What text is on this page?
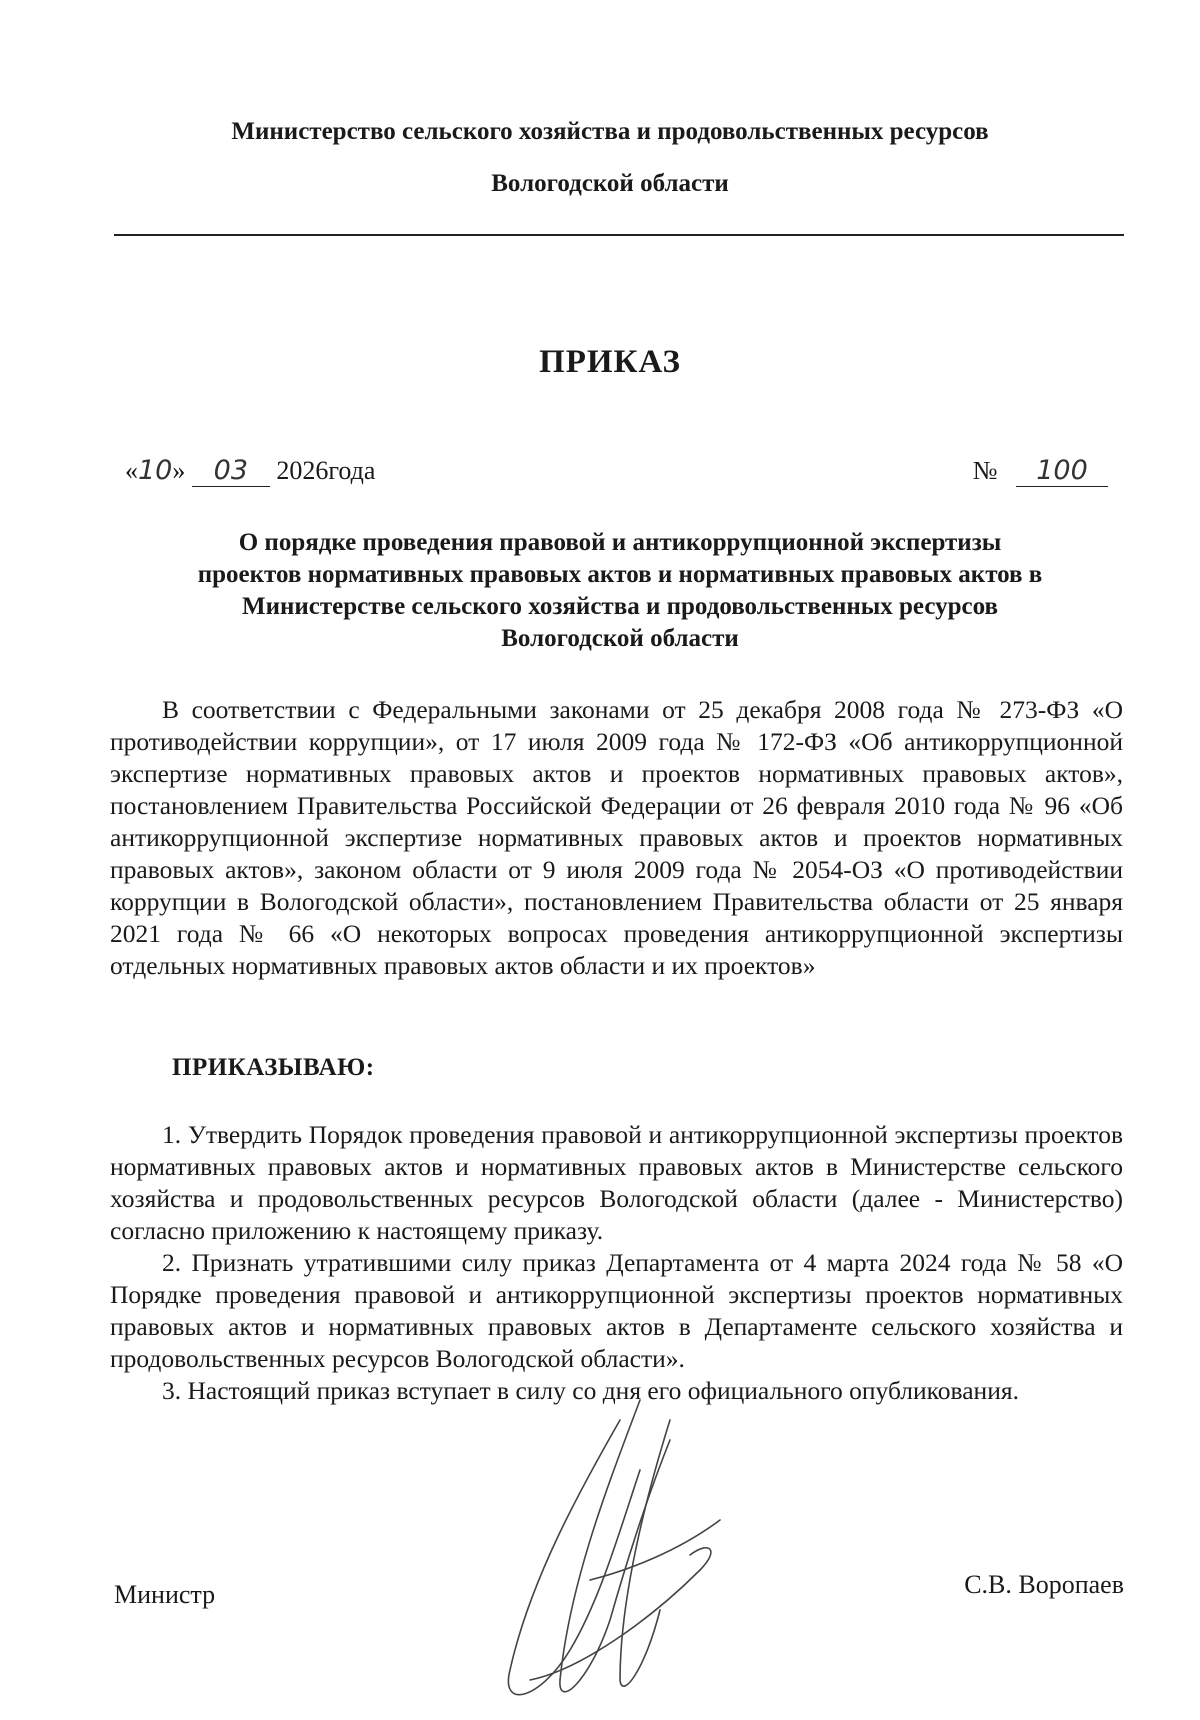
Министерство сельского хозяйства и продовольственных ресурсов
Вологодской области
ПРИКАЗ
«10» 03 2026года	№ 100
О порядке проведения правовой и антикоррупционной экспертизы
проектов нормативных правовых актов и нормативных правовых актов в
Министерстве сельского хозяйства и продовольственных ресурсов
Вологодской области

В соответствии с Федеральными законами от 25 декабря 2008 года № 273-ФЗ «О противодействии коррупции», от 17 июля 2009 года № 172-ФЗ «Об антикоррупционной экспертизе нормативных правовых актов и проектов нормативных правовых актов», постановлением Правительства Российской Федерации от 26 февраля 2010 года № 96 «Об антикоррупционной экспертизе нормативных правовых актов и проектов нормативных правовых актов», законом области от 9 июля 2009 года № 2054-ОЗ «О противодействии коррупции в Вологодской области», постановлением Правительства области от 25 января 2021 года № 66 «О некоторых вопросах проведения антикоррупционной экспертизы отдельных нормативных правовых актов области и их проектов»

ПРИКАЗЫВАЮ:

1. Утвердить Порядок проведения правовой и антикоррупционной экспертизы проектов нормативных правовых актов и нормативных правовых актов в Министерстве сельского хозяйства и продовольственных ресурсов Вологодской области (далее - Министерство) согласно приложению к настоящему приказу.

2. Признать утратившими силу приказ Департамента от 4 марта 2024 года № 58 «О Порядке проведения правовой и антикоррупционной экспертизы проектов нормативных правовых актов и нормативных правовых актов в Департаменте сельского хозяйства и продовольственных ресурсов Вологодской области».

3. Настоящий приказ вступает в силу со дня его официального опубликования.

Министр	С.В. Воропаев
